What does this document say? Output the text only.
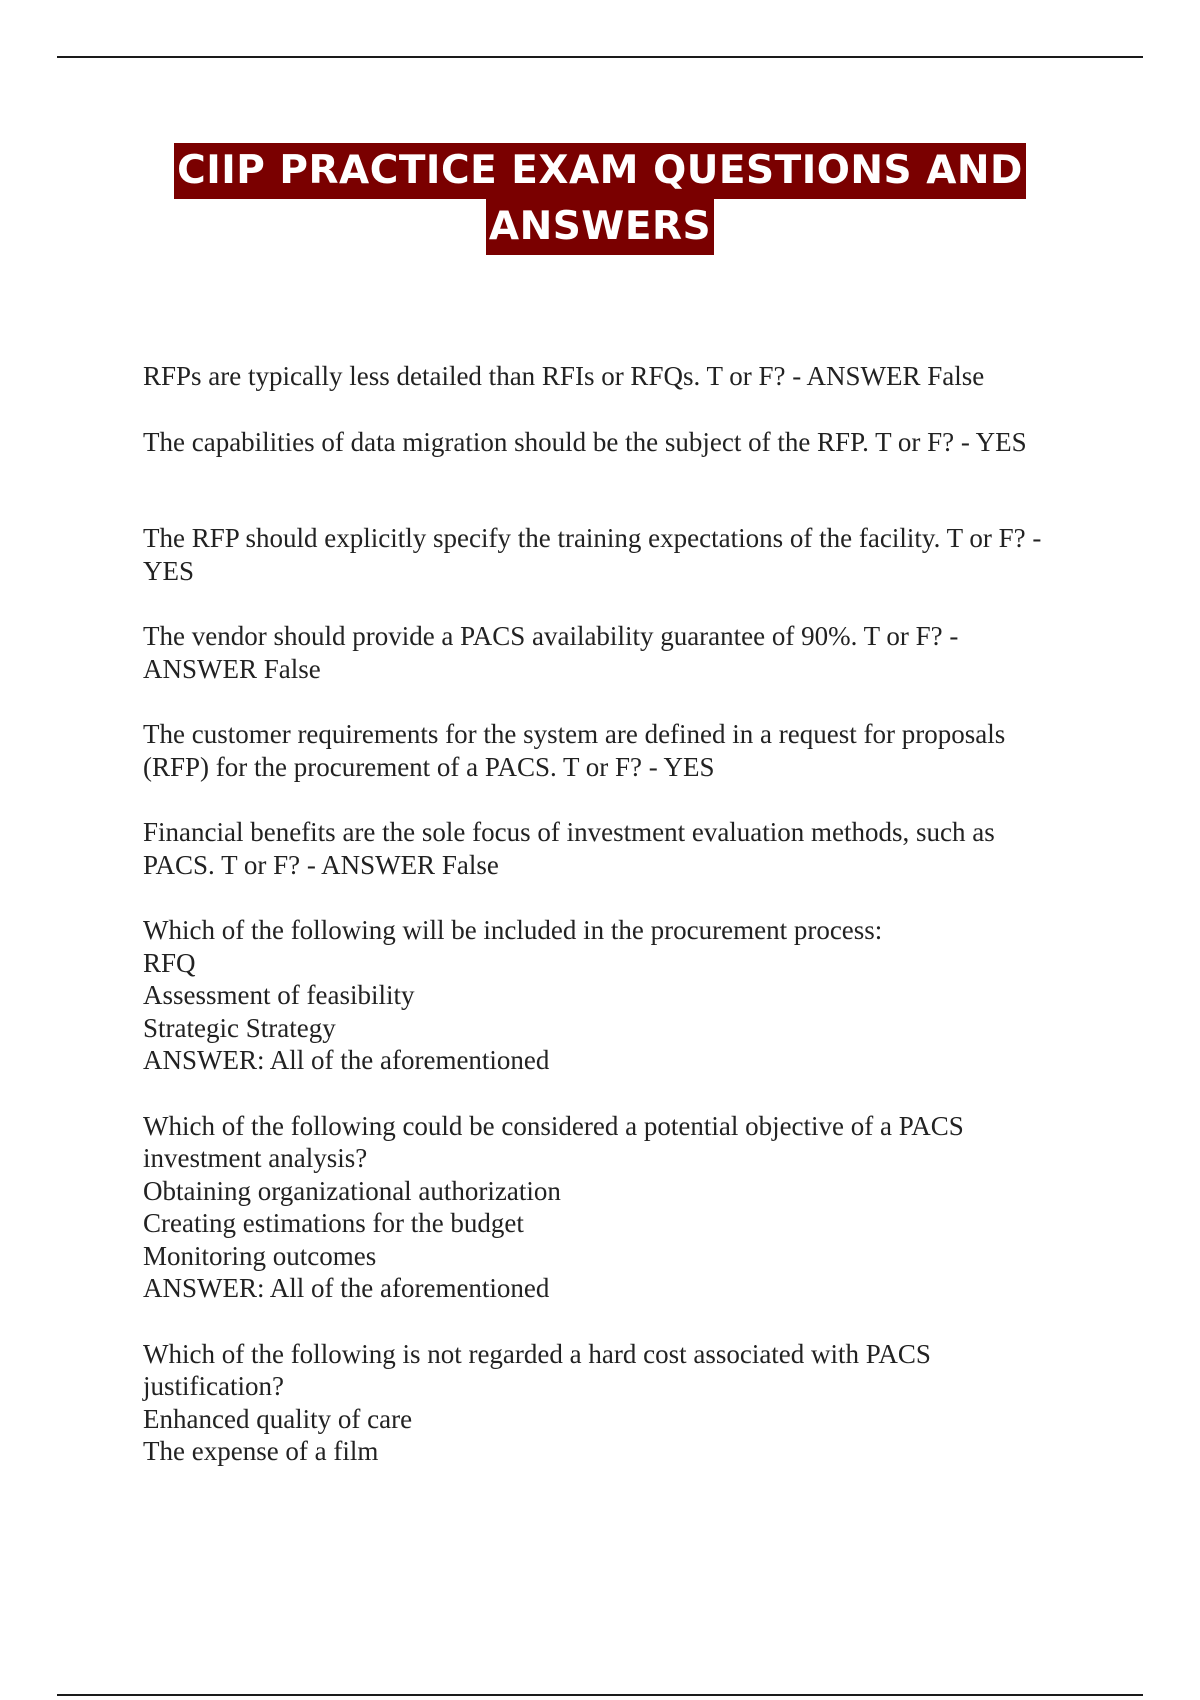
CIIP PRACTICE EXAM QUESTIONS AND
ANSWERS

RFPs are typically less detailed than RFIs or RFQs. T or F? - ANSWER False

The capabilities of data migration should be the subject of the RFP. T or F? - YES

The RFP should explicitly specify the training expectations of the facility. T or F? -
YES

The vendor should provide a PACS availability guarantee of 90%. T or F? -
ANSWER False

The customer requirements for the system are defined in a request for proposals
(RFP) for the procurement of a PACS. T or F? - YES

Financial benefits are the sole focus of investment evaluation methods, such as
PACS. T or F? - ANSWER False

Which of the following will be included in the procurement process:
RFQ
Assessment of feasibility
Strategic Strategy
ANSWER: All of the aforementioned

Which of the following could be considered a potential objective of a PACS
investment analysis?
Obtaining organizational authorization
Creating estimations for the budget
Monitoring outcomes
ANSWER: All of the aforementioned

Which of the following is not regarded a hard cost associated with PACS
justification?
Enhanced quality of care
The expense of a film
